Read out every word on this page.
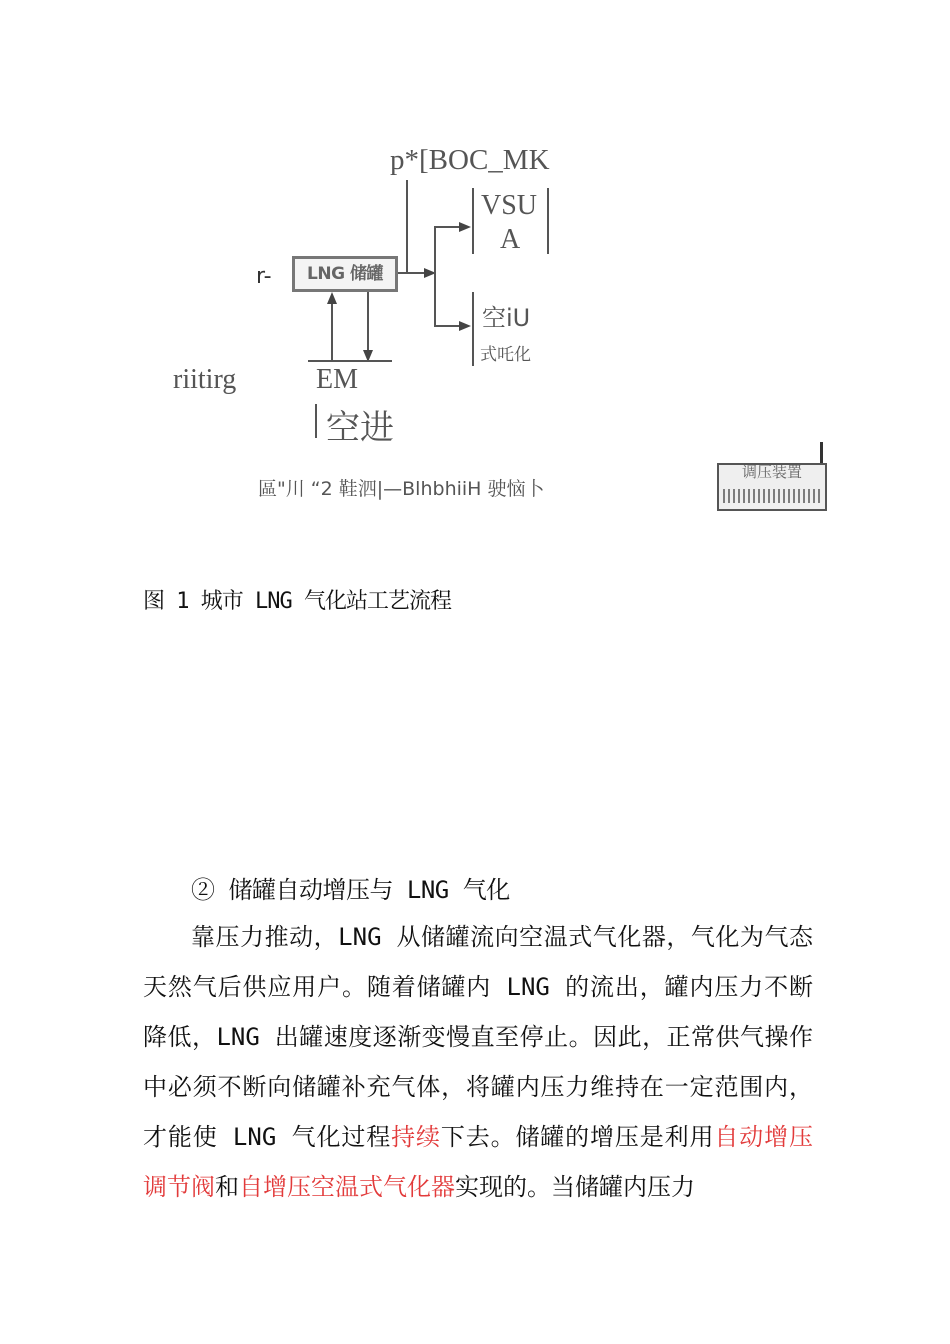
p*[BOC_MK
VSU
A
LNG 储罐
r-
空iU
式吒化
riitirg	EM
空进
區"川 “2 鞋泗|—BlhbhiiH 驶恼卜
调压装置
图 1 城市 LNG 气化站工艺流程
② 储罐自动增压与 LNG 气化

靠压力推动，LNG 从储罐流向空温式气化器，气化为气态天然气后供应用户。随着储罐内 LNG 的流出，罐内压力不断降低，LNG 出罐速度逐渐变慢直至停止。因此，正常供气操作中必须不断向储罐补充气体，将罐内压力维持在一定范围内，才能使 LNG 气化过程持续下去。储罐的增压是利用自动增压调节阀和自增压空温式气化器实现的。当储罐内压力
